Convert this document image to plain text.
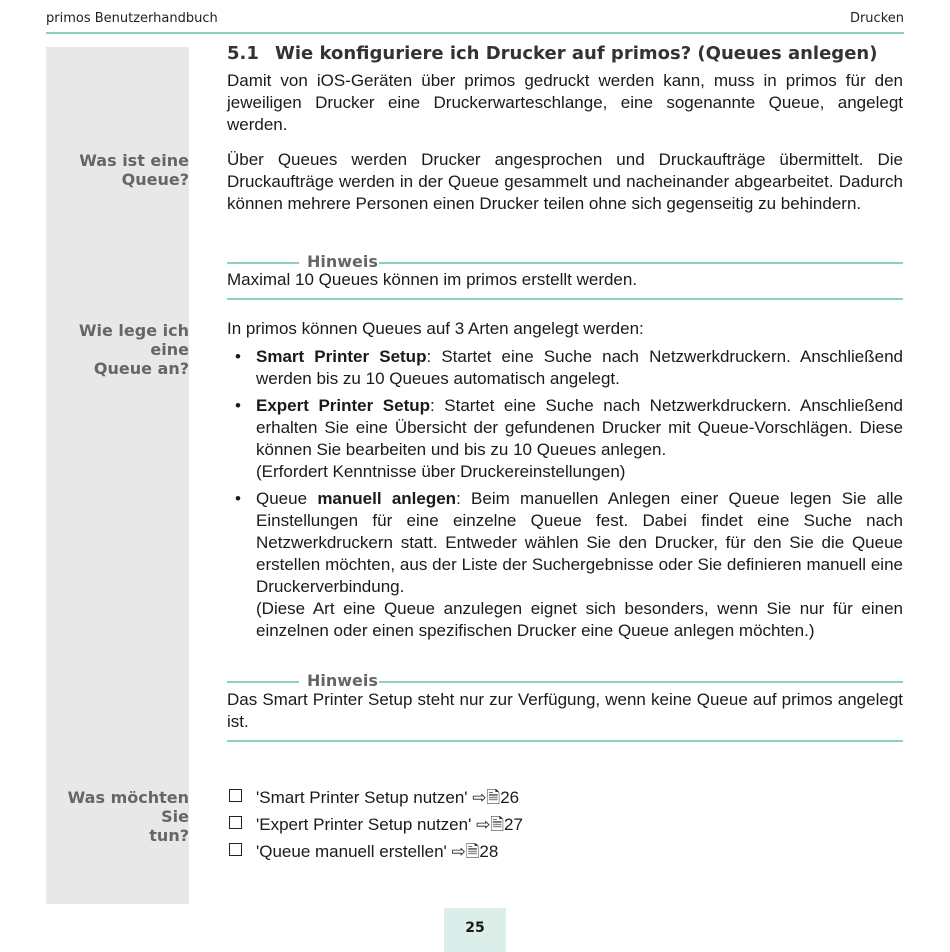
primos Benutzerhandbuch	Drucken
5.1 Wie konfiguriere ich Drucker auf primos? (Queues anlegen)
Damit von iOS-Geräten über primos gedruckt werden kann, muss in primos für den jeweiligen Drucker eine Druckerwarteschlange, eine sogenannte Queue, angelegt werden.
Was ist eine
Queue?
Über Queues werden Drucker angesprochen und Druckaufträge übermittelt. Die Druckaufträge werden in der Queue gesammelt und nacheinander abgearbeitet. Dadurch können mehrere Personen einen Drucker teilen ohne sich gegenseitig zu behindern.
Hinweis
Maximal 10 Queues können im primos erstellt werden.
Wie lege ich eine
Queue an?
In primos können Queues auf 3 Arten angelegt werden:
• Smart Printer Setup: Startet eine Suche nach Netzwerkdruckern. Anschließend werden bis zu 10 Queues automatisch angelegt.
• Expert Printer Setup: Startet eine Suche nach Netzwerkdruckern. Anschließend erhalten Sie eine Übersicht der gefundenen Drucker mit Queue-Vorschlägen. Diese können Sie bearbeiten und bis zu 10 Queues anlegen.
(Erfordert Kenntnisse über Druckereinstellungen)
• Queue manuell anlegen: Beim manuellen Anlegen einer Queue legen Sie alle Einstellungen für eine einzelne Queue fest. Dabei findet eine Suche nach Netzwerkdruckern statt. Entweder wählen Sie den Drucker, für den Sie die Queue erstellen möchten, aus der Liste der Suchergebnisse oder Sie definieren manuell eine Druckerverbindung.
(Diese Art eine Queue anzulegen eignet sich besonders, wenn Sie nur für einen einzelnen oder einen spezifischen Drucker eine Queue anlegen möchten.)
Hinweis
Das Smart Printer Setup steht nur zur Verfügung, wenn keine Queue auf primos angelegt ist.
Was möchten Sie
tun?
'Smart Printer Setup nutzen' ⇨🗎26
'Expert Printer Setup nutzen' ⇨🗎27
'Queue manuell erstellen' ⇨🗎28
25
